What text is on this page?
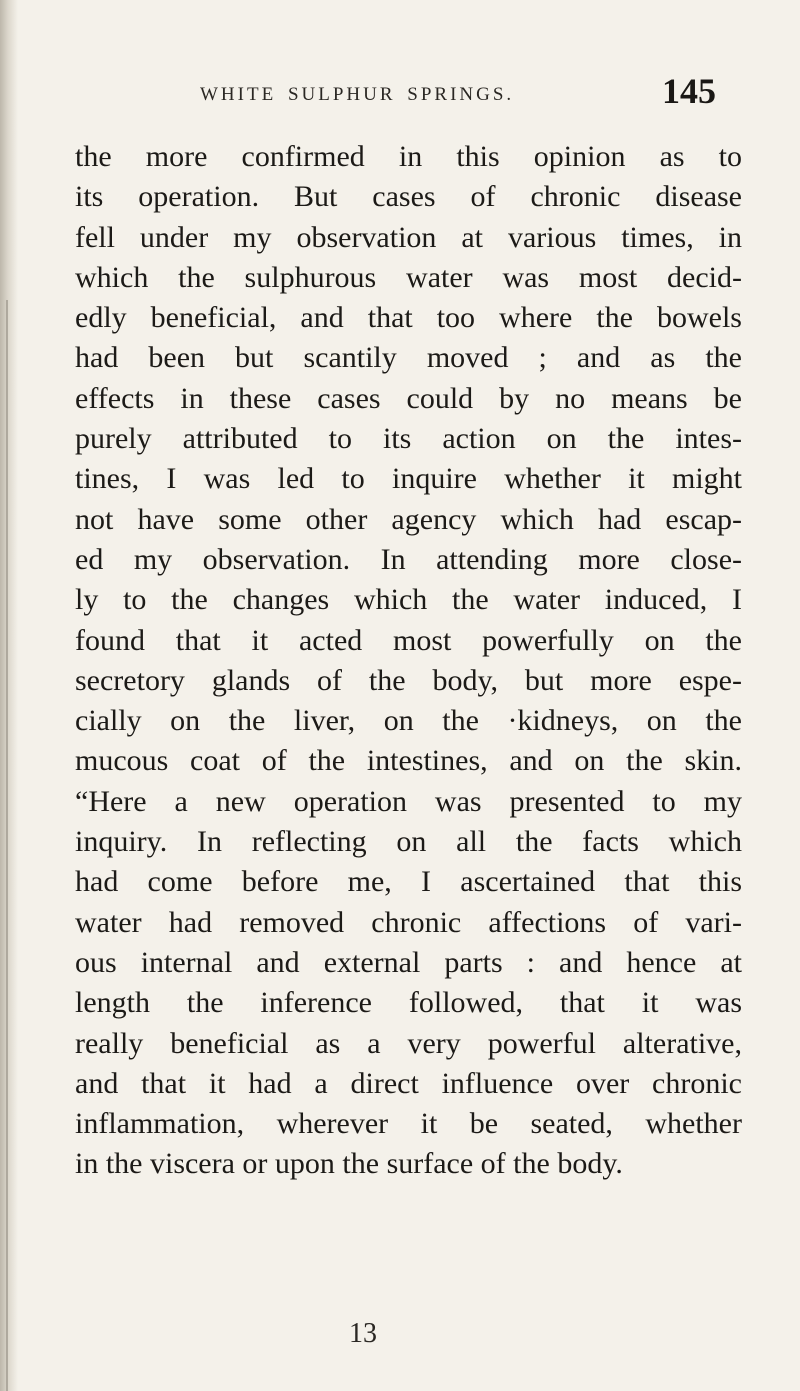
WHITE SULPHUR SPRINGS.	145
the more confirmed in this opinion as to
its operation. But cases of chronic disease
fell under my observation at various times, in
which the sulphurous water was most decid-
edly beneficial, and that too where the bowels
had been but scantily moved ; and as the
effects in these cases could by no means be
purely attributed to its action on the intes-
tines, I was led to inquire whether it might
not have some other agency which had escap-
ed my observation. In attending more close-
ly to the changes which the water induced, I
found that it acted most powerfully on the
secretory glands of the body, but more espe-
cially on the liver, on the ·kidneys, on the
mucous coat of the intestines, and on the skin.
“Here a new operation was presented to my
inquiry. In reflecting on all the facts which
had come before me, I ascertained that this
water had removed chronic affections of vari-
ous internal and external parts : and hence at
length the inference followed, that it was
really beneficial as a very powerful alterative,
and that it had a direct influence over chronic
inflammation, wherever it be seated, whether
in the viscera or upon the surface of the body.
13
